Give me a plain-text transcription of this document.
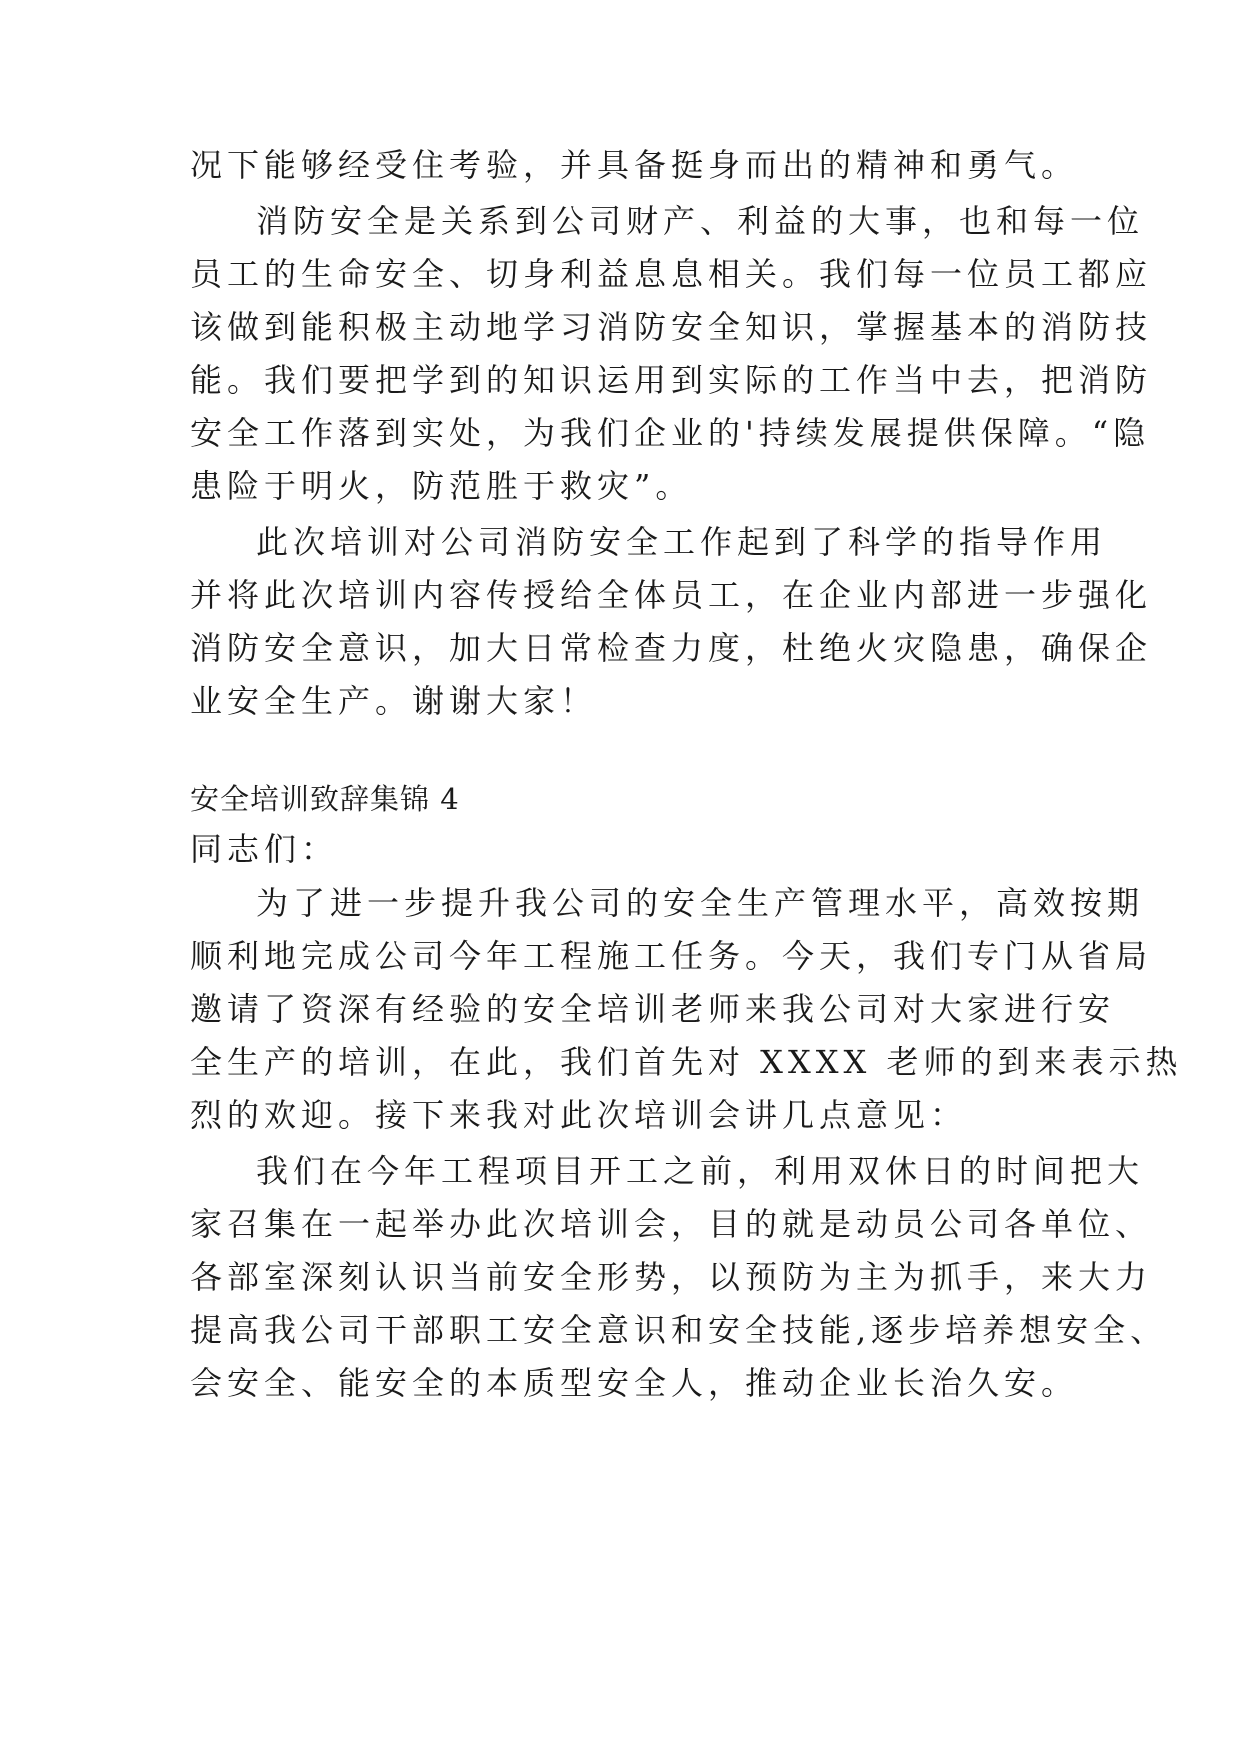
况下能够经受住考验，并具备挺身而出的精神和勇气。
消防安全是关系到公司财产、利益的大事，也和每一位
员工的生命安全、切身利益息息相关。我们每一位员工都应
该做到能积极主动地学习消防安全知识，掌握基本的消防技
能。我们要把学到的知识运用到实际的工作当中去，把消防
安全工作落到实处，为我们企业的'持续发展提供保障。“隐
患险于明火，防范胜于救灾”。
此次培训对公司消防安全工作起到了科学的指导作用
并将此次培训内容传授给全体员工，在企业内部进一步强化
消防安全意识，加大日常检查力度，杜绝火灾隐患，确保企
业安全生产。谢谢大家！
安全培训致辞集锦 4
同志们：
为了进一步提升我公司的安全生产管理水平，高效按期
顺利地完成公司今年工程施工任务。今天，我们专门从省局
邀请了资深有经验的安全培训老师来我公司对大家进行安
全生产的培训，在此，我们首先对 XXXX 老师的到来表示热
烈的欢迎。接下来我对此次培训会讲几点意见：
我们在今年工程项目开工之前，利用双休日的时间把大
家召集在一起举办此次培训会，目的就是动员公司各单位、
各部室深刻认识当前安全形势，以预防为主为抓手，来大力
提高我公司干部职工安全意识和安全技能,逐步培养想安全、
会安全、能安全的本质型安全人，推动企业长治久安。
